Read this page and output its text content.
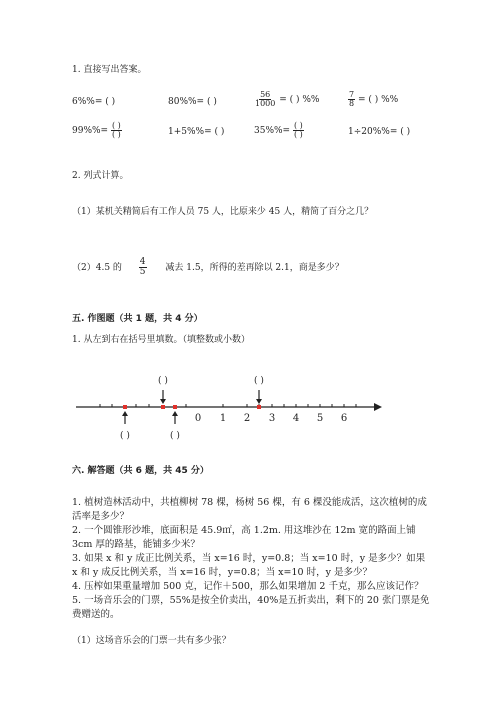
1. 直接写出答案。
6%%= ( )	80%%= ( )	$\frac{56}{1000}$ = ( ) %%	$\frac{7}{8}$ = ( ) %%
$99\%\%= \frac{( )}{( )}$	1+5%%= ( )	$35\%\%= \frac{( )}{( )}$	1÷20%%= ( )
2. 列式计算。
（1）某机关精简后有工作人员 75 人，比原来少 45 人，精简了百分之几？
（2）4.5 的 $\frac{4}{5}$ 减去 1.5，所得的差再除以 2.1，商是多少？
五. 作图题（共 1 题，共 4 分）
1. 从左到右在括号里填数。（填整数或小数）
0 1 2 3 4 5 6
( )	( )
( )	( )
六. 解答题（共 6 题，共 45 分）
1. 植树造林活动中，共植柳树 78 棵，杨树 56 棵，有 6 棵没能成活，这次植树的成活率是多少？
2. 一个圆锥形沙堆，底面积是 45.9㎡，高 1.2m. 用这堆沙在 12m 宽的路面上铺 3cm 厚的路基，能铺多少米？
3. 如果 x 和 y 成正比例关系，当 x=16 时，y=0.8；当 x=10 时，y 是多少？如果 x 和 y 成反比例关系，当 x=16 时，y=0.8；当 x=10 时，y 是多少？
4. 压榨如果重量增加 500 克，记作＋500，那么如果增加 2 千克，那么应该记作？
5. 一场音乐会的门票，55%是按全价卖出，40%是五折卖出，剩下的 20 张门票是免费赠送的。
（1）这场音乐会的门票一共有多少张？
